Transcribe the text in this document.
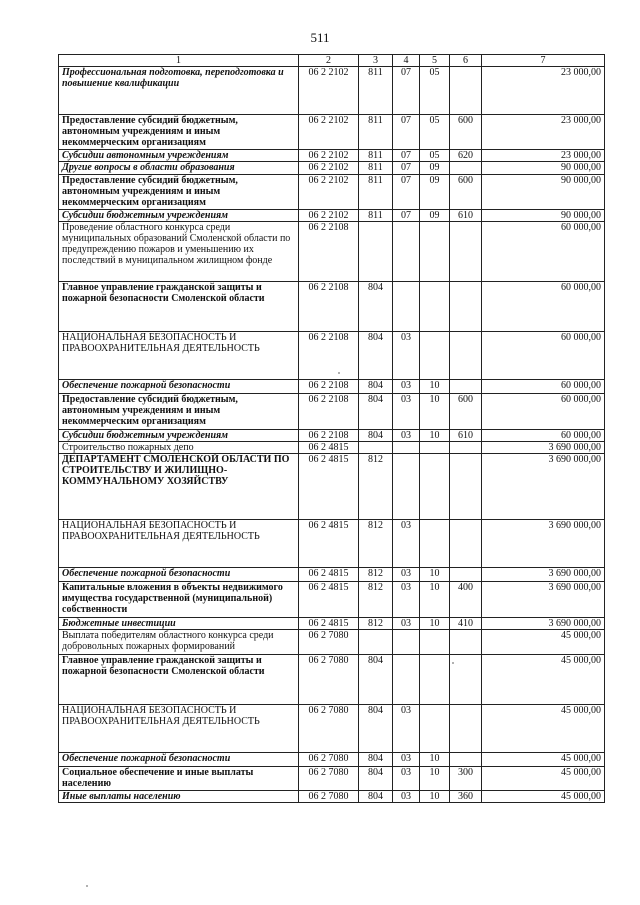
511
1	2	3	4	5	6	7
Профессиональная подготовка, переподготовка и повышение квалификации	06 2 2102	811	07	05		23 000,00
Предоставление субсидий бюджетным, автономным учреждениям и иным некоммерческим организациям	06 2 2102	811	07	05	600	23 000,00
Субсидии автономным учреждениям	06 2 2102	811	07	05	620	23 000,00
Другие вопросы в области образования	06 2 2102	811	07	09		90 000,00
Предоставление субсидий бюджетным, автономным учреждениям и иным некоммерческим организациям	06 2 2102	811	07	09	600	90 000,00
Субсидии бюджетным учреждениям	06 2 2102	811	07	09	610	90 000,00
Проведение областного конкурса среди муниципальных образований Смоленской области по предупреждению пожаров и уменьшению их последствий в муниципальном жилищном фонде	06 2 2108					60 000,00
Главное управление гражданской защиты и пожарной безопасности Смоленской области	06 2 2108	804				60 000,00
НАЦИОНАЛЬНАЯ БЕЗОПАСНОСТЬ И ПРАВООХРАНИТЕЛЬНАЯ ДЕЯТЕЛЬНОСТЬ	06 2 2108	804	03			60 000,00
Обеспечение пожарной безопасности	06 2 2108	804	03	10		60 000,00
Предоставление субсидий бюджетным, автономным учреждениям и иным некоммерческим организациям	06 2 2108	804	03	10	600	60 000,00
Субсидии бюджетным учреждениям	06 2 2108	804	03	10	610	60 000,00
Строительство пожарных депо	06 2 4815					3 690 000,00
ДЕПАРТАМЕНТ СМОЛЕНСКОЙ ОБЛАСТИ ПО СТРОИТЕЛЬСТВУ И ЖИЛИЩНО-КОММУНАЛЬНОМУ ХОЗЯЙСТВУ	06 2 4815	812				3 690 000,00
НАЦИОНАЛЬНАЯ БЕЗОПАСНОСТЬ И ПРАВООХРАНИТЕЛЬНАЯ ДЕЯТЕЛЬНОСТЬ	06 2 4815	812	03			3 690 000,00
Обеспечение пожарной безопасности	06 2 4815	812	03	10		3 690 000,00
Капитальные вложения в объекты недвижимого имущества государственной (муниципальной) собственности	06 2 4815	812	03	10	400	3 690 000,00
Бюджетные инвестиции	06 2 4815	812	03	10	410	3 690 000,00
Выплата победителям областного конкурса среди добровольных пожарных формирований	06 2 7080					45 000,00
Главное управление гражданской защиты и пожарной безопасности Смоленской области	06 2 7080	804				45 000,00
НАЦИОНАЛЬНАЯ БЕЗОПАСНОСТЬ И ПРАВООХРАНИТЕЛЬНАЯ ДЕЯТЕЛЬНОСТЬ	06 2 7080	804	03			45 000,00
Обеспечение пожарной безопасности	06 2 7080	804	03	10		45 000,00
Социальное обеспечение и иные выплаты населению	06 2 7080	804	03	10	300	45 000,00
Иные выплаты населению	06 2 7080	804	03	10	360	45 000,00
